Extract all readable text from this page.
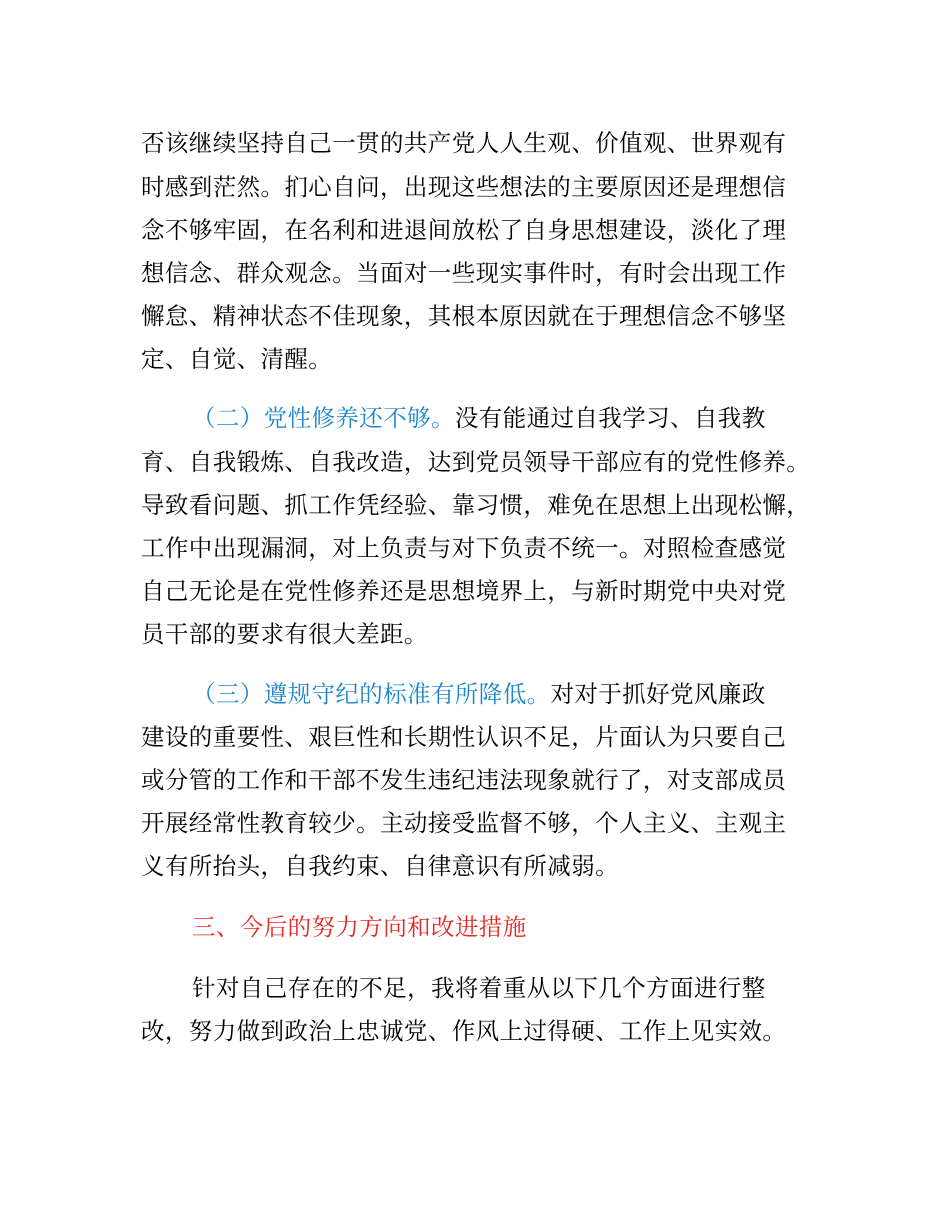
否该继续坚持自己一贯的共产党人人生观、价值观、世界观有

时感到茫然。扪心自问，出现这些想法的主要原因还是理想信

念不够牢固，在名利和进退间放松了自身思想建设，淡化了理

想信念、群众观念。当面对一些现实事件时，有时会出现工作

懈怠、精神状态不佳现象，其根本原因就在于理想信念不够坚

定、自觉、清醒。

（二）党性修养还不够。没有能通过自我学习、自我教

育、自我锻炼、自我改造，达到党员领导干部应有的党性修养。

导致看问题、抓工作凭经验、靠习惯，难免在思想上出现松懈，

工作中出现漏洞，对上负责与对下负责不统一。对照检查感觉

自己无论是在党性修养还是思想境界上，与新时期党中央对党

员干部的要求有很大差距。

（三）遵规守纪的标准有所降低。对对于抓好党风廉政

建设的重要性、艰巨性和长期性认识不足，片面认为只要自己

或分管的工作和干部不发生违纪违法现象就行了，对支部成员

开展经常性教育较少。主动接受监督不够，个人主义、主观主

义有所抬头，自我约束、自律意识有所减弱。

三、今后的努力方向和改进措施

针对自己存在的不足，我将着重从以下几个方面进行整

改，努力做到政治上忠诚党、作风上过得硬、工作上见实效。
